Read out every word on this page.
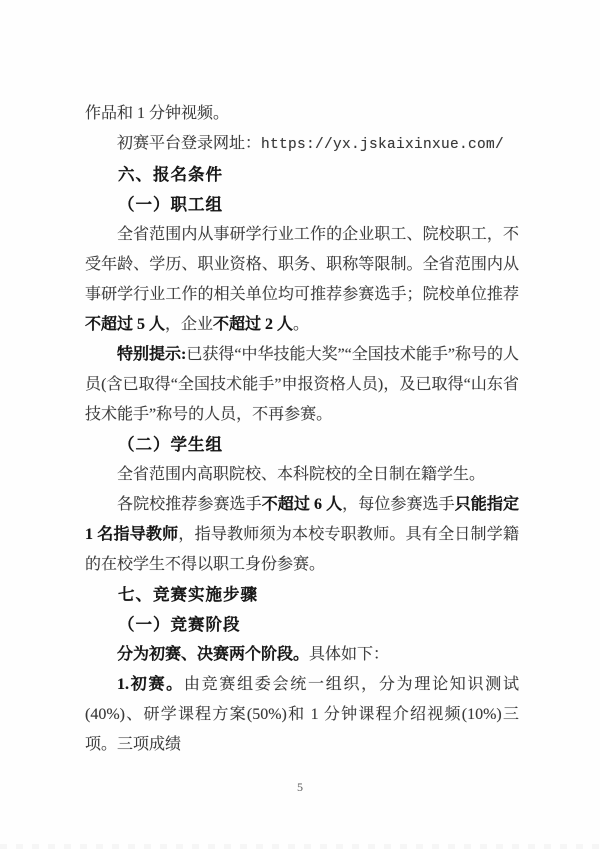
作品和 1 分钟视频。

初赛平台登录网址：https://yx.jskaixinxue.com/

六、报名条件

（一）职工组

全省范围内从事研学行业工作的企业职工、院校职工，不受年龄、学历、职业资格、职务、职称等限制。全省范围内从事研学行业工作的相关单位均可推荐参赛选手；院校单位推荐不超过 5 人，企业不超过 2 人。

特别提示:已获得“中华技能大奖”“全国技术能手”称号的人员(含已取得“全国技术能手”申报资格人员)，及已取得“山东省技术能手”称号的人员，不再参赛。

（二）学生组

全省范围内高职院校、本科院校的全日制在籍学生。

各院校推荐参赛选手不超过 6 人，每位参赛选手只能指定 1 名指导教师，指导教师须为本校专职教师。具有全日制学籍的在校学生不得以职工身份参赛。

七、竞赛实施步骤

（一）竞赛阶段

分为初赛、决赛两个阶段。具体如下：

1.初赛。由竞赛组委会统一组织，分为理论知识测试(40%)、研学课程方案(50%)和 1 分钟课程介绍视频(10%)三项。三项成绩

5
